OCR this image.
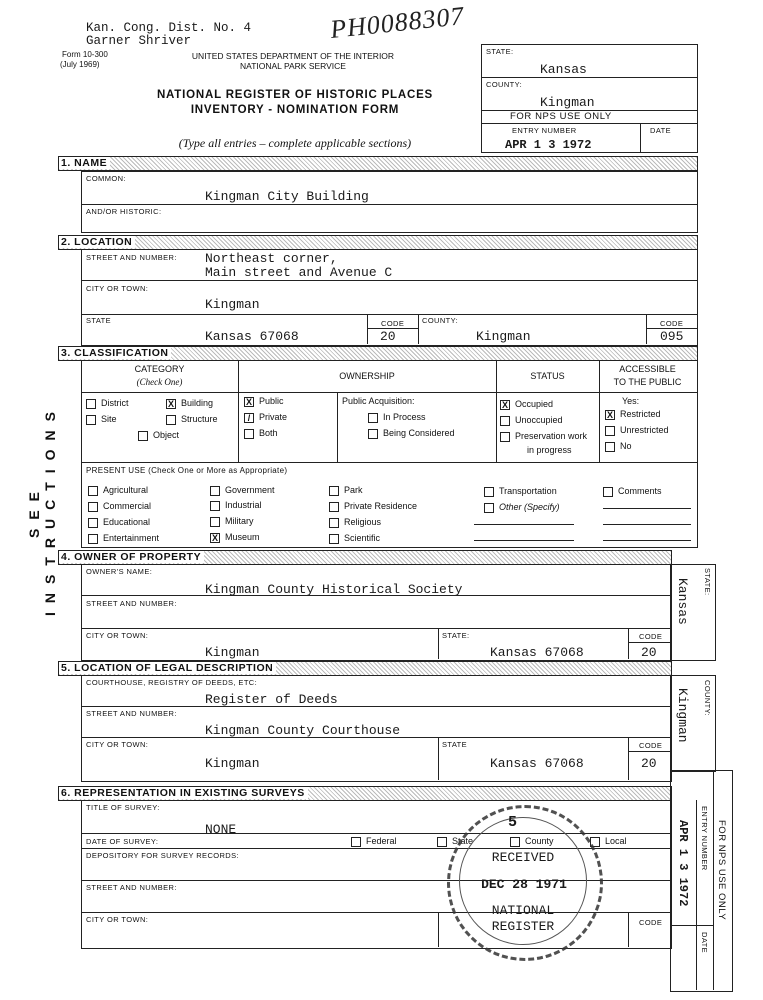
Kan. Cong. Dist. No. 4
Garner Shriver	PH0088307
Form 10-300
(July 1969)
UNITED STATES DEPARTMENT OF THE INTERIOR
NATIONAL PARK SERVICE
NATIONAL REGISTER OF HISTORIC PLACES
INVENTORY - NOMINATION FORM
(Type all entries – complete applicable sections)
STATE:
Kansas
COUNTY:
Kingman
FOR NPS USE ONLY
ENTRY NUMBER	DATE
APR 1 3 1972
SEE INSTRUCTIONS
1. NAME
COMMON:
Kingman City Building
AND/OR HISTORIC:
2. LOCATION
STREET AND NUMBER: Northeast corner,
Main street and Avenue C
CITY OR TOWN:
Kingman
STATE
Kansas 67068
CODE
20
COUNTY:
Kingman
CODE
095
3. CLASSIFICATION
CATEGORY
(Check One)
OWNERSHIP	STATUS
ACCESSIBLE
TO THE PUBLIC
District	X Building
Site	Structure
Object
X Public
/ Private
Both
Public Acquisition:
In Process
Being Considered
X Occupied
Unoccupied
Preservation work
in progress
Yes:
X Restricted
Unrestricted
No
PRESENT USE (Check One or More as Appropriate)
Agricultural	Government	Park	Transportation	Comments
Commercial	Industrial	Private Residence	Other (Specify)
Educational	Military	Religious
Entertainment	X Museum	Scientific
4. OWNER OF PROPERTY
OWNER'S NAME:
Kingman County Historical Society
STREET AND NUMBER:
CITY OR TOWN:
Kingman
STATE:
Kansas 67068
CODE
20
STATE:
Kansas
5. LOCATION OF LEGAL DESCRIPTION
COURTHOUSE, REGISTRY OF DEEDS, ETC:
Register of Deeds
STREET AND NUMBER:
Kingman County Courthouse
CITY OR TOWN:
Kingman
STATE
Kansas 67068
CODE
20
COUNTY:
Kingman
6. REPRESENTATION IN EXISTING SURVEYS
TITLE OF SURVEY:
NONE
DATE OF SURVEY:	Federal	State	County	Local
DEPOSITORY FOR SURVEY RECORDS:
STREET AND NUMBER:
CITY OR TOWN:	CODE
ENTRY NUMBER
DATE
FOR NPS USE ONLY
APR 1 3 1972
5
RECEIVED
DEC 28 1971
NATIONAL
REGISTER
